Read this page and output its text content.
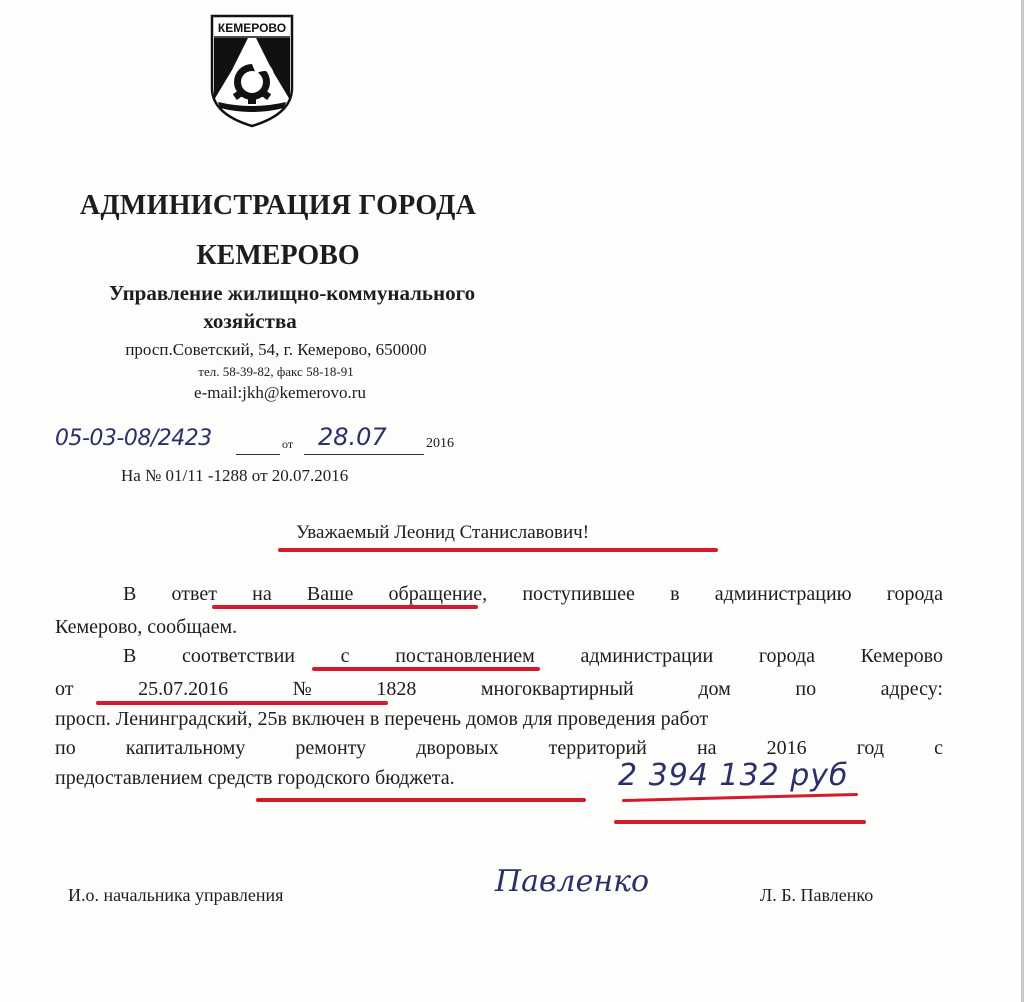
КЕМЕРОВО
АДМИНИСТРАЦИЯ ГОРОДА
КЕМЕРОВО
Управление жилищно-коммунального
хозяйства
просп.Советский, 54, г. Кемерово, 650000
тел. 58-39-82, факс 58-18-91
e-mail:jkh@kemerovo.ru
05-03-08/2423	от 28.07	2016
На № 01/11 -1288 от 20.07.2016
Уважаемый Леонид Станиславович!
В ответ на Ваше обращение, поступившее в администрацию города
Кемерово, сообщаем.
В соответствии с постановлением администрации города Кемерово
от	25.07.2016	№	1828	многоквартирный	дом	по	адресу:
просп. Ленинградский, 25в включен в перечень домов для проведения работ
по	капитальному	ремонту	дворовых	территорий	на	2016	год	с
предоставлением средств городского бюджета.	2 394 132 руб
И.о. начальника управления	Павленко	Л. Б. Павленко
